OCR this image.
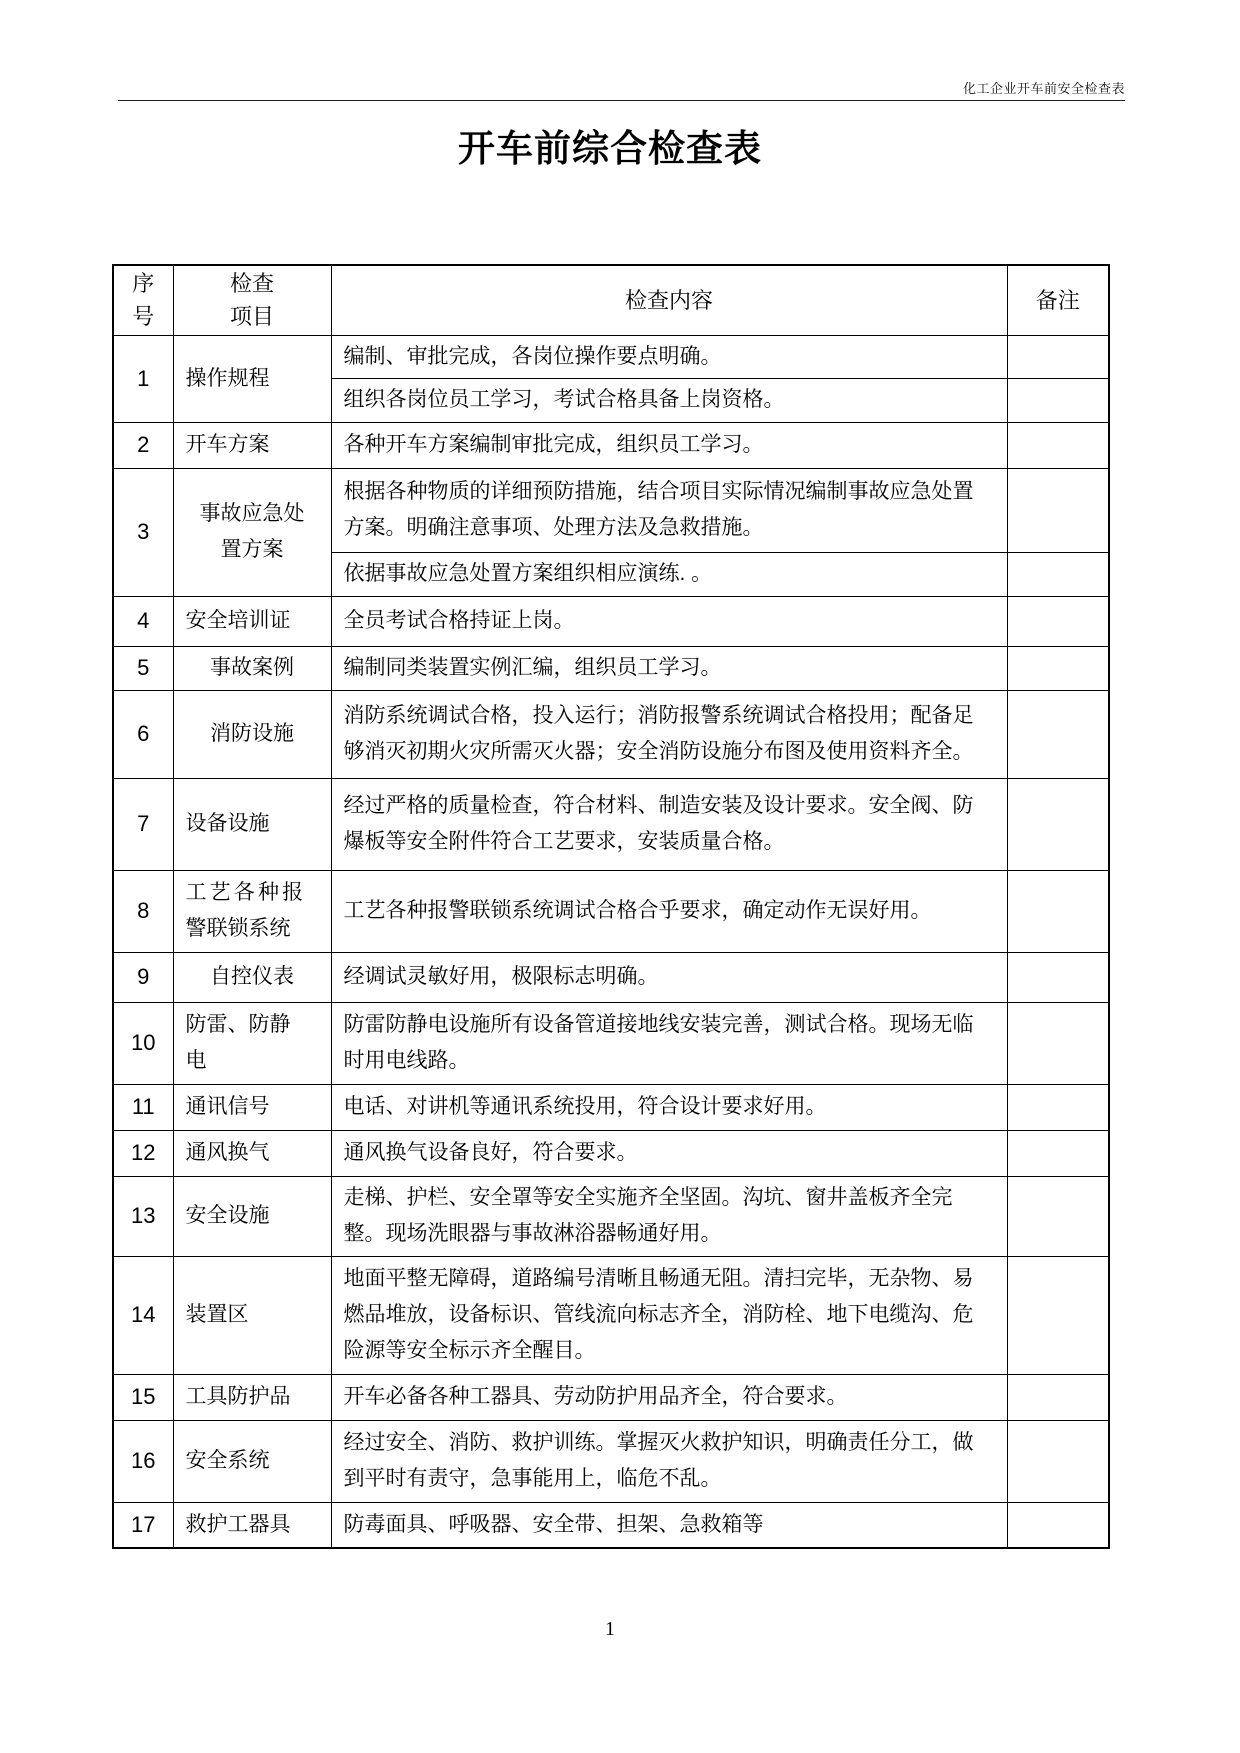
化工企业开车前安全检查表
开车前综合检查表
序号	检查项目	检查内容	备注
1	操作规程	编制、审批完成，各岗位操作要点明确。	
		组织各岗位员工学习，考试合格具备上岗资格。	
2	开车方案	各种开车方案编制审批完成，组织员工学习。	
3	事故应急处置方案	根据各种物质的详细预防措施，结合项目实际情况编制事故应急处置方案。明确注意事项、处理方法及急救措施。	
		依据事故应急处置方案组织相应演练. 。	
4	安全培训证	全员考试合格持证上岗。	
5	事故案例	编制同类装置实例汇编，组织员工学习。	
6	消防设施	消防系统调试合格，投入运行；消防报警系统调试合格投用；配备足够消灭初期火灾所需灭火器；安全消防设施分布图及使用资料齐全。	
7	设备设施	经过严格的质量检查，符合材料、制造安装及设计要求。安全阀、防爆板等安全附件符合工艺要求，安装质量合格。	
8	工艺各种报警联锁系统	工艺各种报警联锁系统调试合格合乎要求，确定动作无误好用。	
9	自控仪表	经调试灵敏好用，极限标志明确。	
10	防雷、防静电	防雷防静电设施所有设备管道接地线安装完善，测试合格。现场无临时用电线路。	
11	通讯信号	电话、对讲机等通讯系统投用，符合设计要求好用。	
12	通风换气	通风换气设备良好，符合要求。	
13	安全设施	走梯、护栏、安全罩等安全实施齐全坚固。沟坑、窗井盖板齐全完整。现场洗眼器与事故淋浴器畅通好用。	
14	装置区	地面平整无障碍，道路编号清晰且畅通无阻。清扫完毕，无杂物、易燃品堆放，设备标识、管线流向标志齐全，消防栓、地下电缆沟、危险源等安全标示齐全醒目。	
15	工具防护品	开车必备各种工器具、劳动防护用品齐全，符合要求。	
16	安全系统	经过安全、消防、救护训练。掌握灭火救护知识，明确责任分工，做到平时有责守，急事能用上，临危不乱。	
17	救护工器具	防毒面具、呼吸器、安全带、担架、急救箱等	
1
